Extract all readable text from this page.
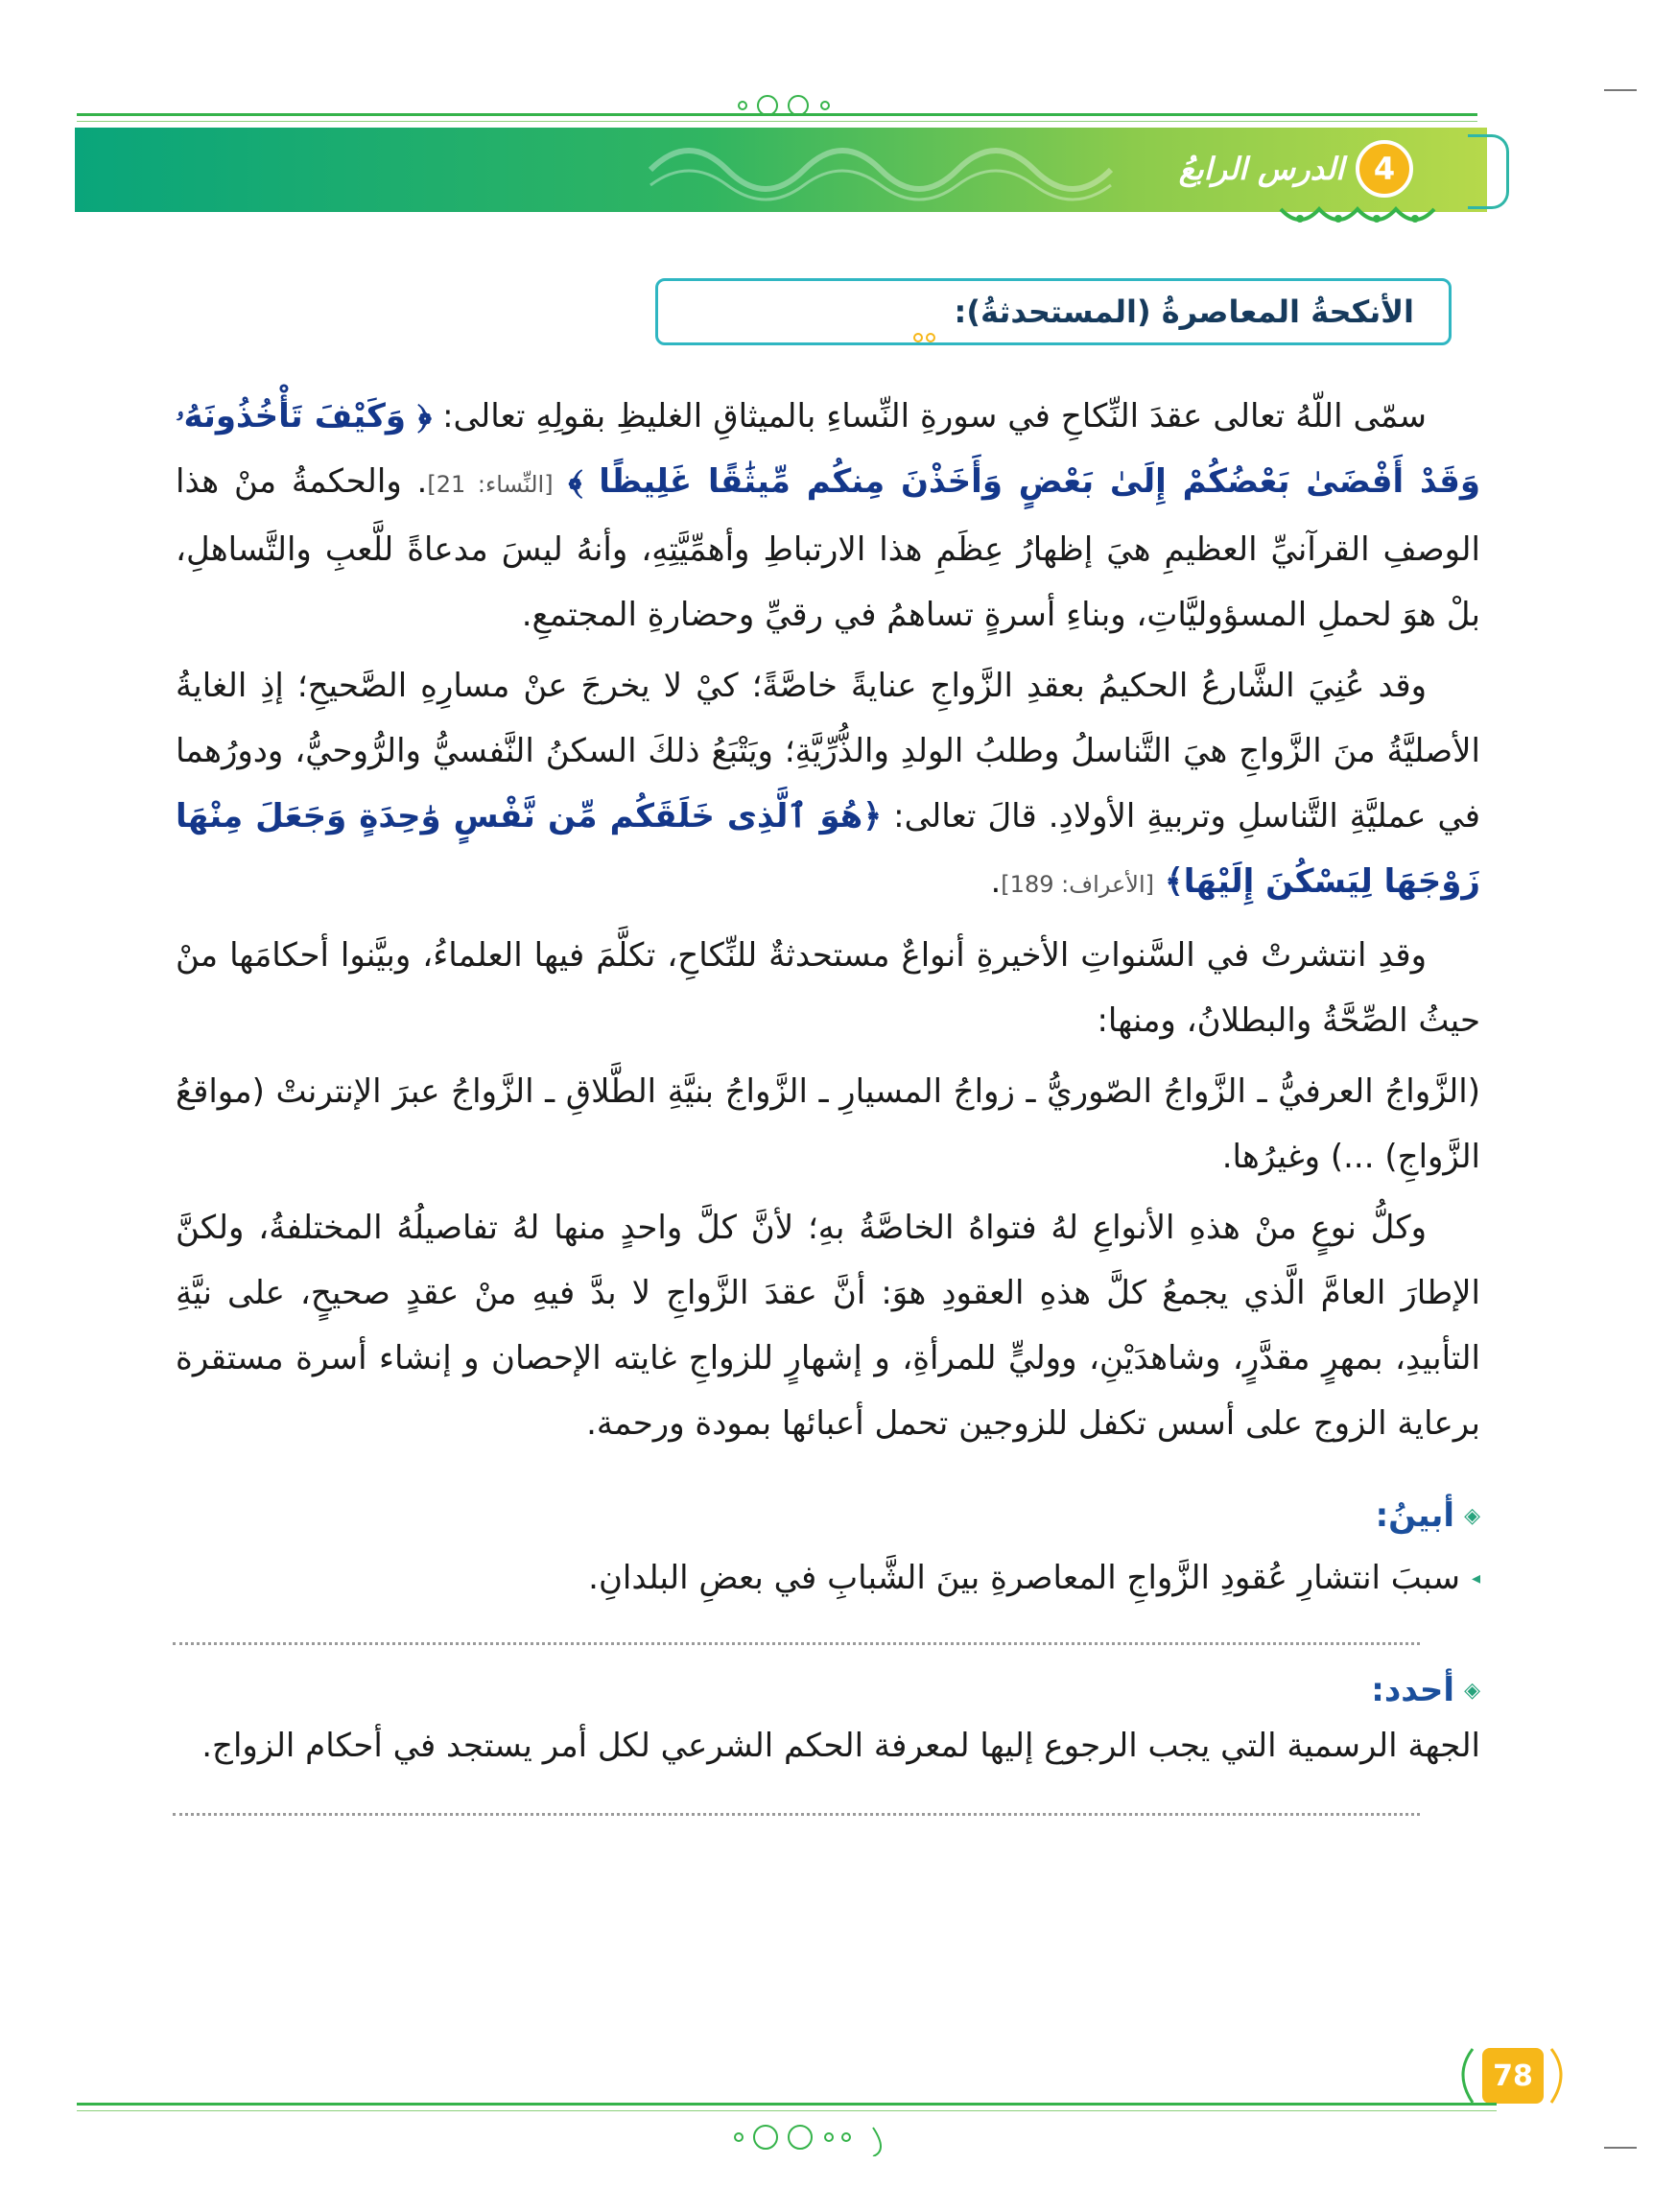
4
الدرس الرابعُ
الأنكحةُ المعاصرةُ (المستحدثةُ):

سمّى اللّهُ تعالى عقدَ النِّكاحِ في سورةِ النِّساءِ بالميثاقِ الغليظِ بقولِهِ تعالى: ﴿ وَكَيْفَ تَأْخُذُونَهُۥ وَقَدْ أَفْضَىٰ بَعْضُكُمْ إِلَىٰ بَعْضٍ وَأَخَذْنَ مِنكُم مِّيثَٰقًا غَلِيظًا ﴾ [النِّساء: 21]. والحكمةُ منْ هذا الوصفِ القرآنيِّ العظيمِ هيَ إظهارُ عِظَمِ هذا الارتباطِ وأهمِّيَّتِهِ، وأنهُ ليسَ مدعاةً للَّعبِ والتَّساهلِ، بلْ هوَ لحملِ المسؤوليَّاتِ، وبناءِ أسرةٍ تساهمُ في رقيِّ وحضارةِ المجتمعِ.

وقد عُنِيَ الشَّارعُ الحكيمُ بعقدِ الزَّواجِ عنايةً خاصَّةً؛ كيْ لا يخرجَ عنْ مسارِهِ الصَّحيحِ؛ إذِ الغايةُ الأصليَّةُ منَ الزَّواجِ هيَ التَّناسلُ وطلبُ الولدِ والذُّرِّيَّةِ؛ ويَتْبَعُ ذلكَ السكنُ النَّفسيُّ والرُّوحيُّ، ودورُهما في عمليَّةِ التَّناسلِ وتربيةِ الأولادِ. قالَ تعالى: ﴿هُوَ ٱلَّذِى خَلَقَكُم مِّن نَّفْسٍ وَٰحِدَةٍ وَجَعَلَ مِنْهَا زَوْجَهَا لِيَسْكُنَ إِلَيْهَا﴾ [الأعراف: 189].

وقدِ انتشرتْ في السَّنواتِ الأخيرةِ أنواعٌ مستحدثةٌ للنِّكاحِ، تكلَّمَ فيها العلماءُ، وبيَّنوا أحكامَها منْ حيثُ الصِّحَّةُ والبطلانُ، ومنها:

(الزَّواجُ العرفيُّ ـ الزَّواجُ الصّوريُّ ـ زواجُ المسيارِ ـ الزَّواجُ بنيَّةِ الطَّلاقِ ـ الزَّواجُ عبرَ الإنترنتْ (مواقعُ الزَّواجِ) ...) وغيرُها.

وكلُّ نوعٍ منْ هذهِ الأنواعِ لهُ فتواهُ الخاصَّةُ بهِ؛ لأنَّ كلَّ واحدٍ منها لهُ تفاصيلُهُ المختلفةُ، ولكنَّ الإطارَ العامَّ الَّذي يجمعُ كلَّ هذهِ العقودِ هوَ: أنَّ عقدَ الزَّواجِ لا بدَّ فيهِ منْ عقدٍ صحيحٍ، على نيَّةِ التأبيدِ، بمهرٍ مقدَّرٍ، وشاهدَيْنِ، ووليٍّ للمرأةِ، و إشهارٍ للزواجِ غايته الإحصان و إنشاء أسرة مستقرة برعاية الزوج على أسس تكفل للزوجين تحمل أعبائها بمودة ورحمة.

◈
أبينُ:
◂
سببَ انتشارِ عُقودِ الزَّواجِ المعاصرةِ بينَ الشَّبابِ في بعضِ البلدانِ.
◈
أحدد:
الجهة الرسمية التي يجب الرجوع إليها لمعرفة الحكم الشرعي لكل أمر يستجد في أحكام الزواج.
78
